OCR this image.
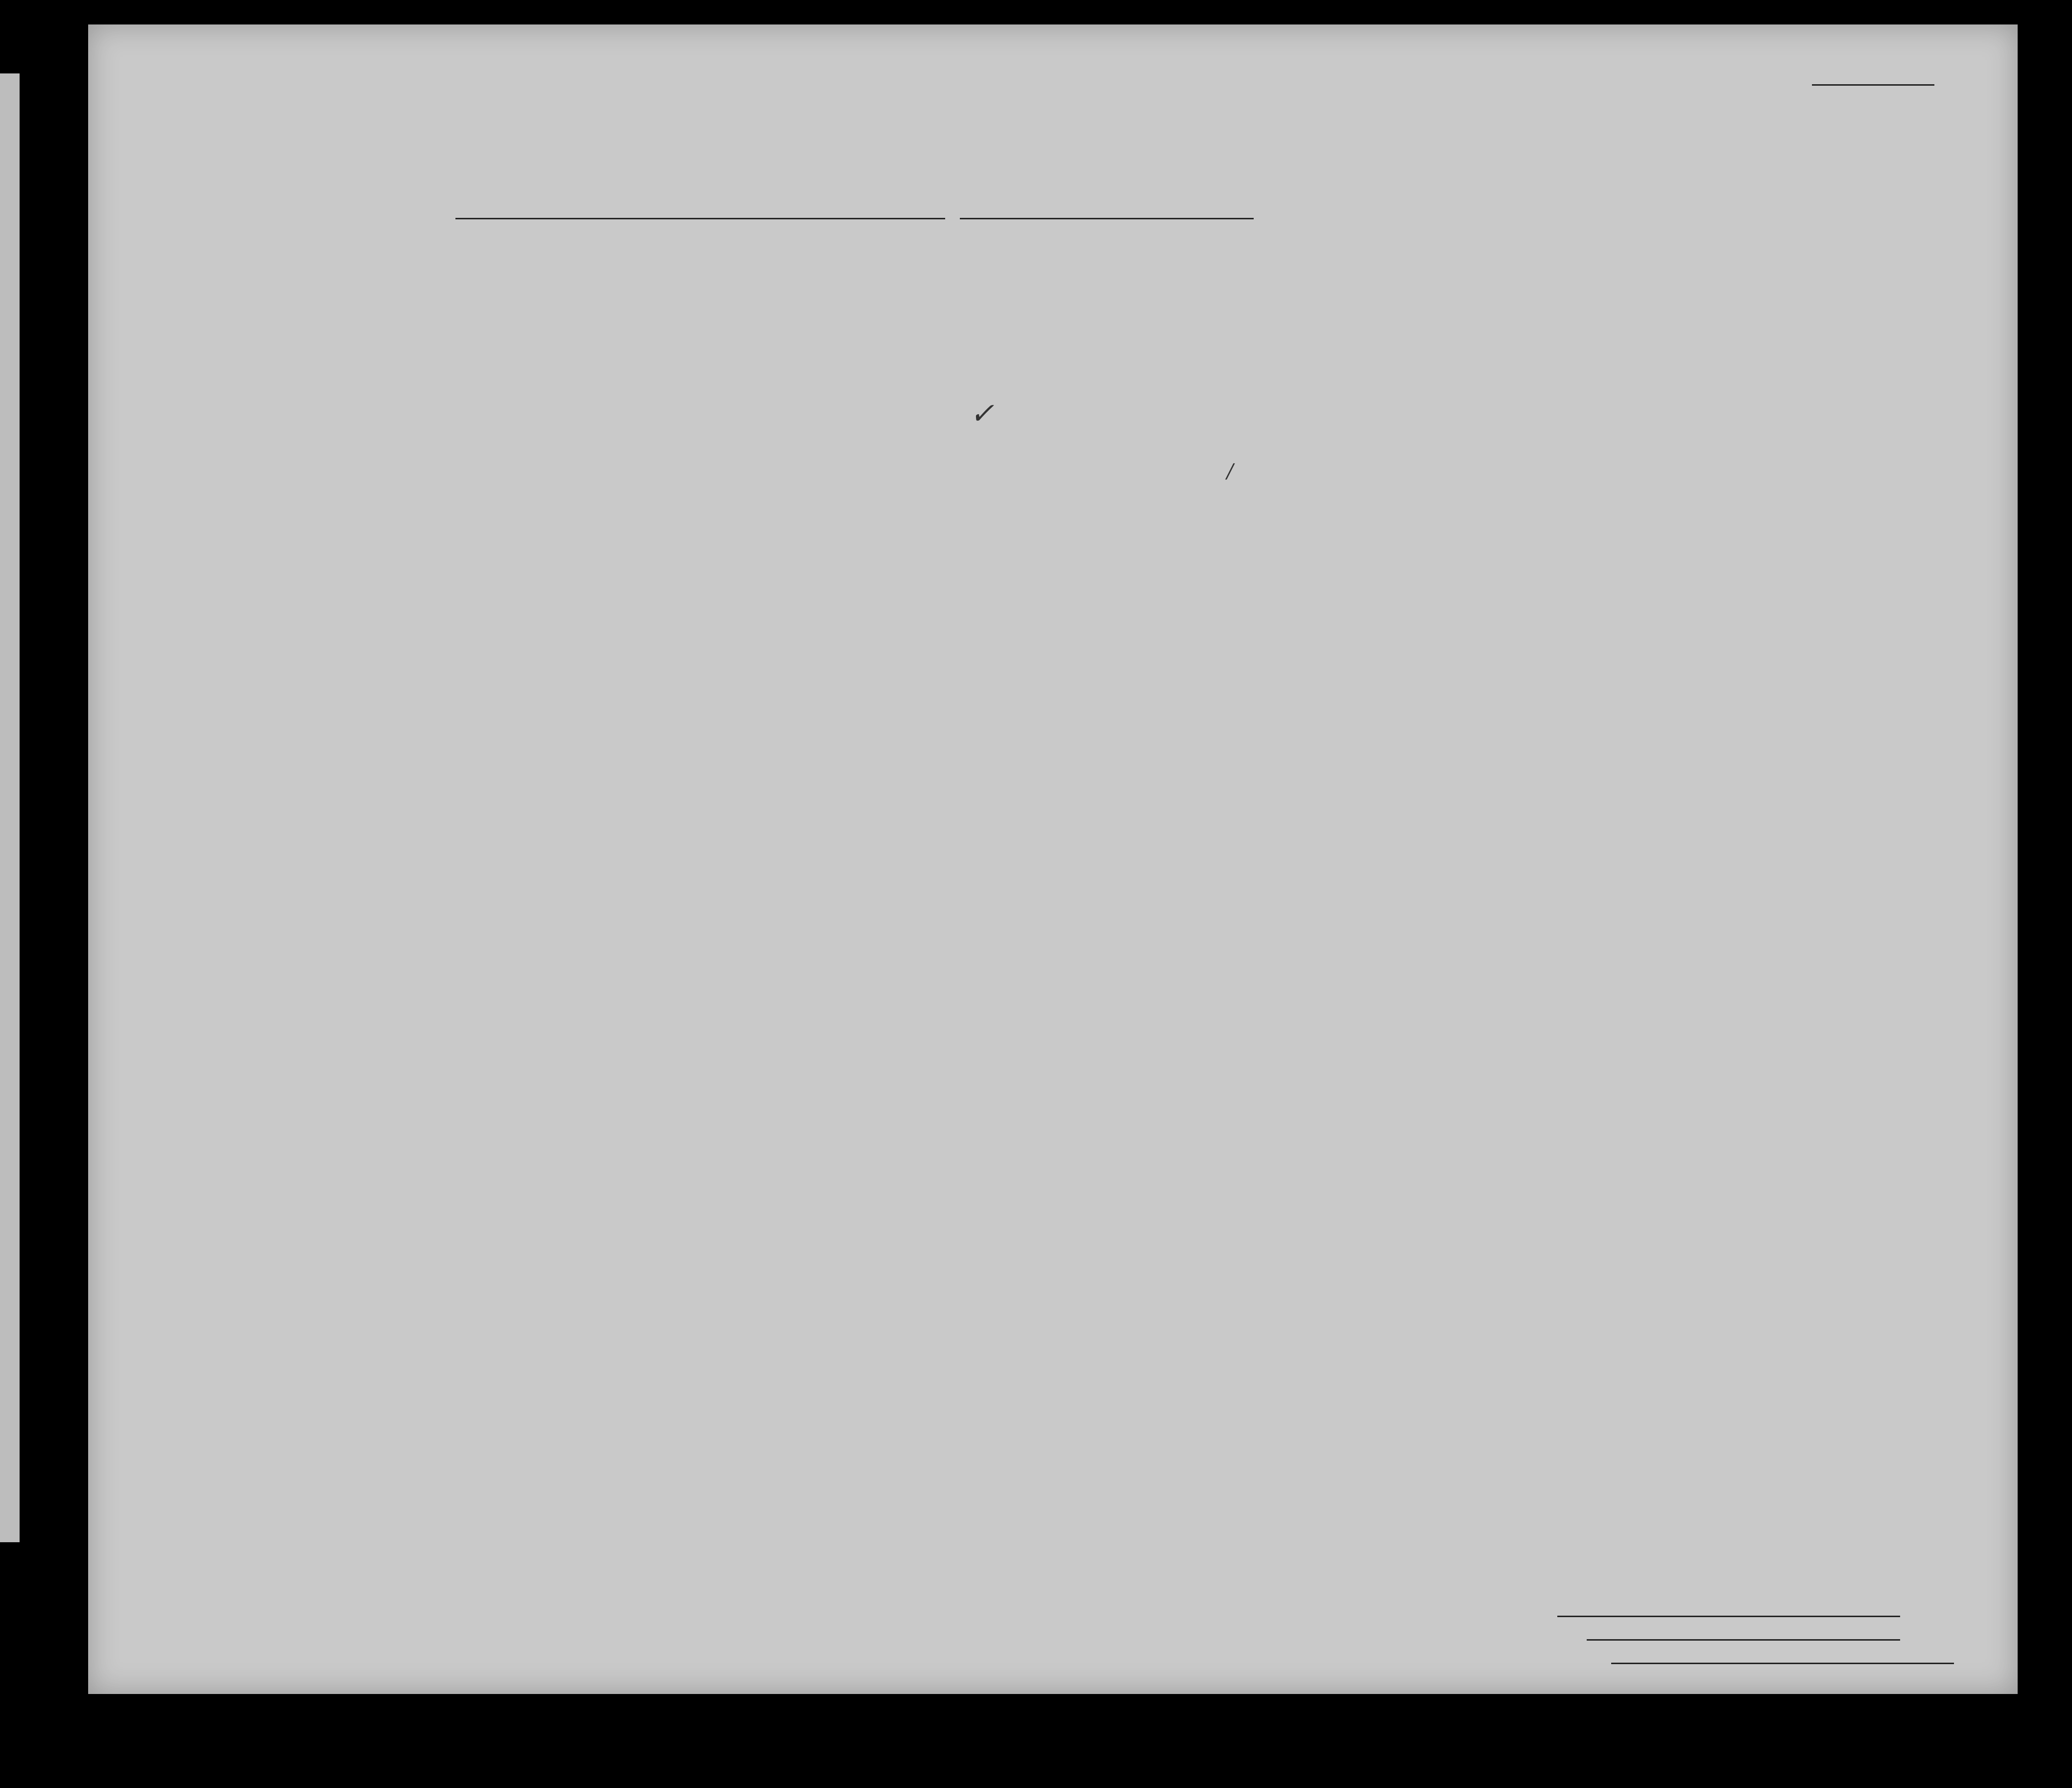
✓
/
